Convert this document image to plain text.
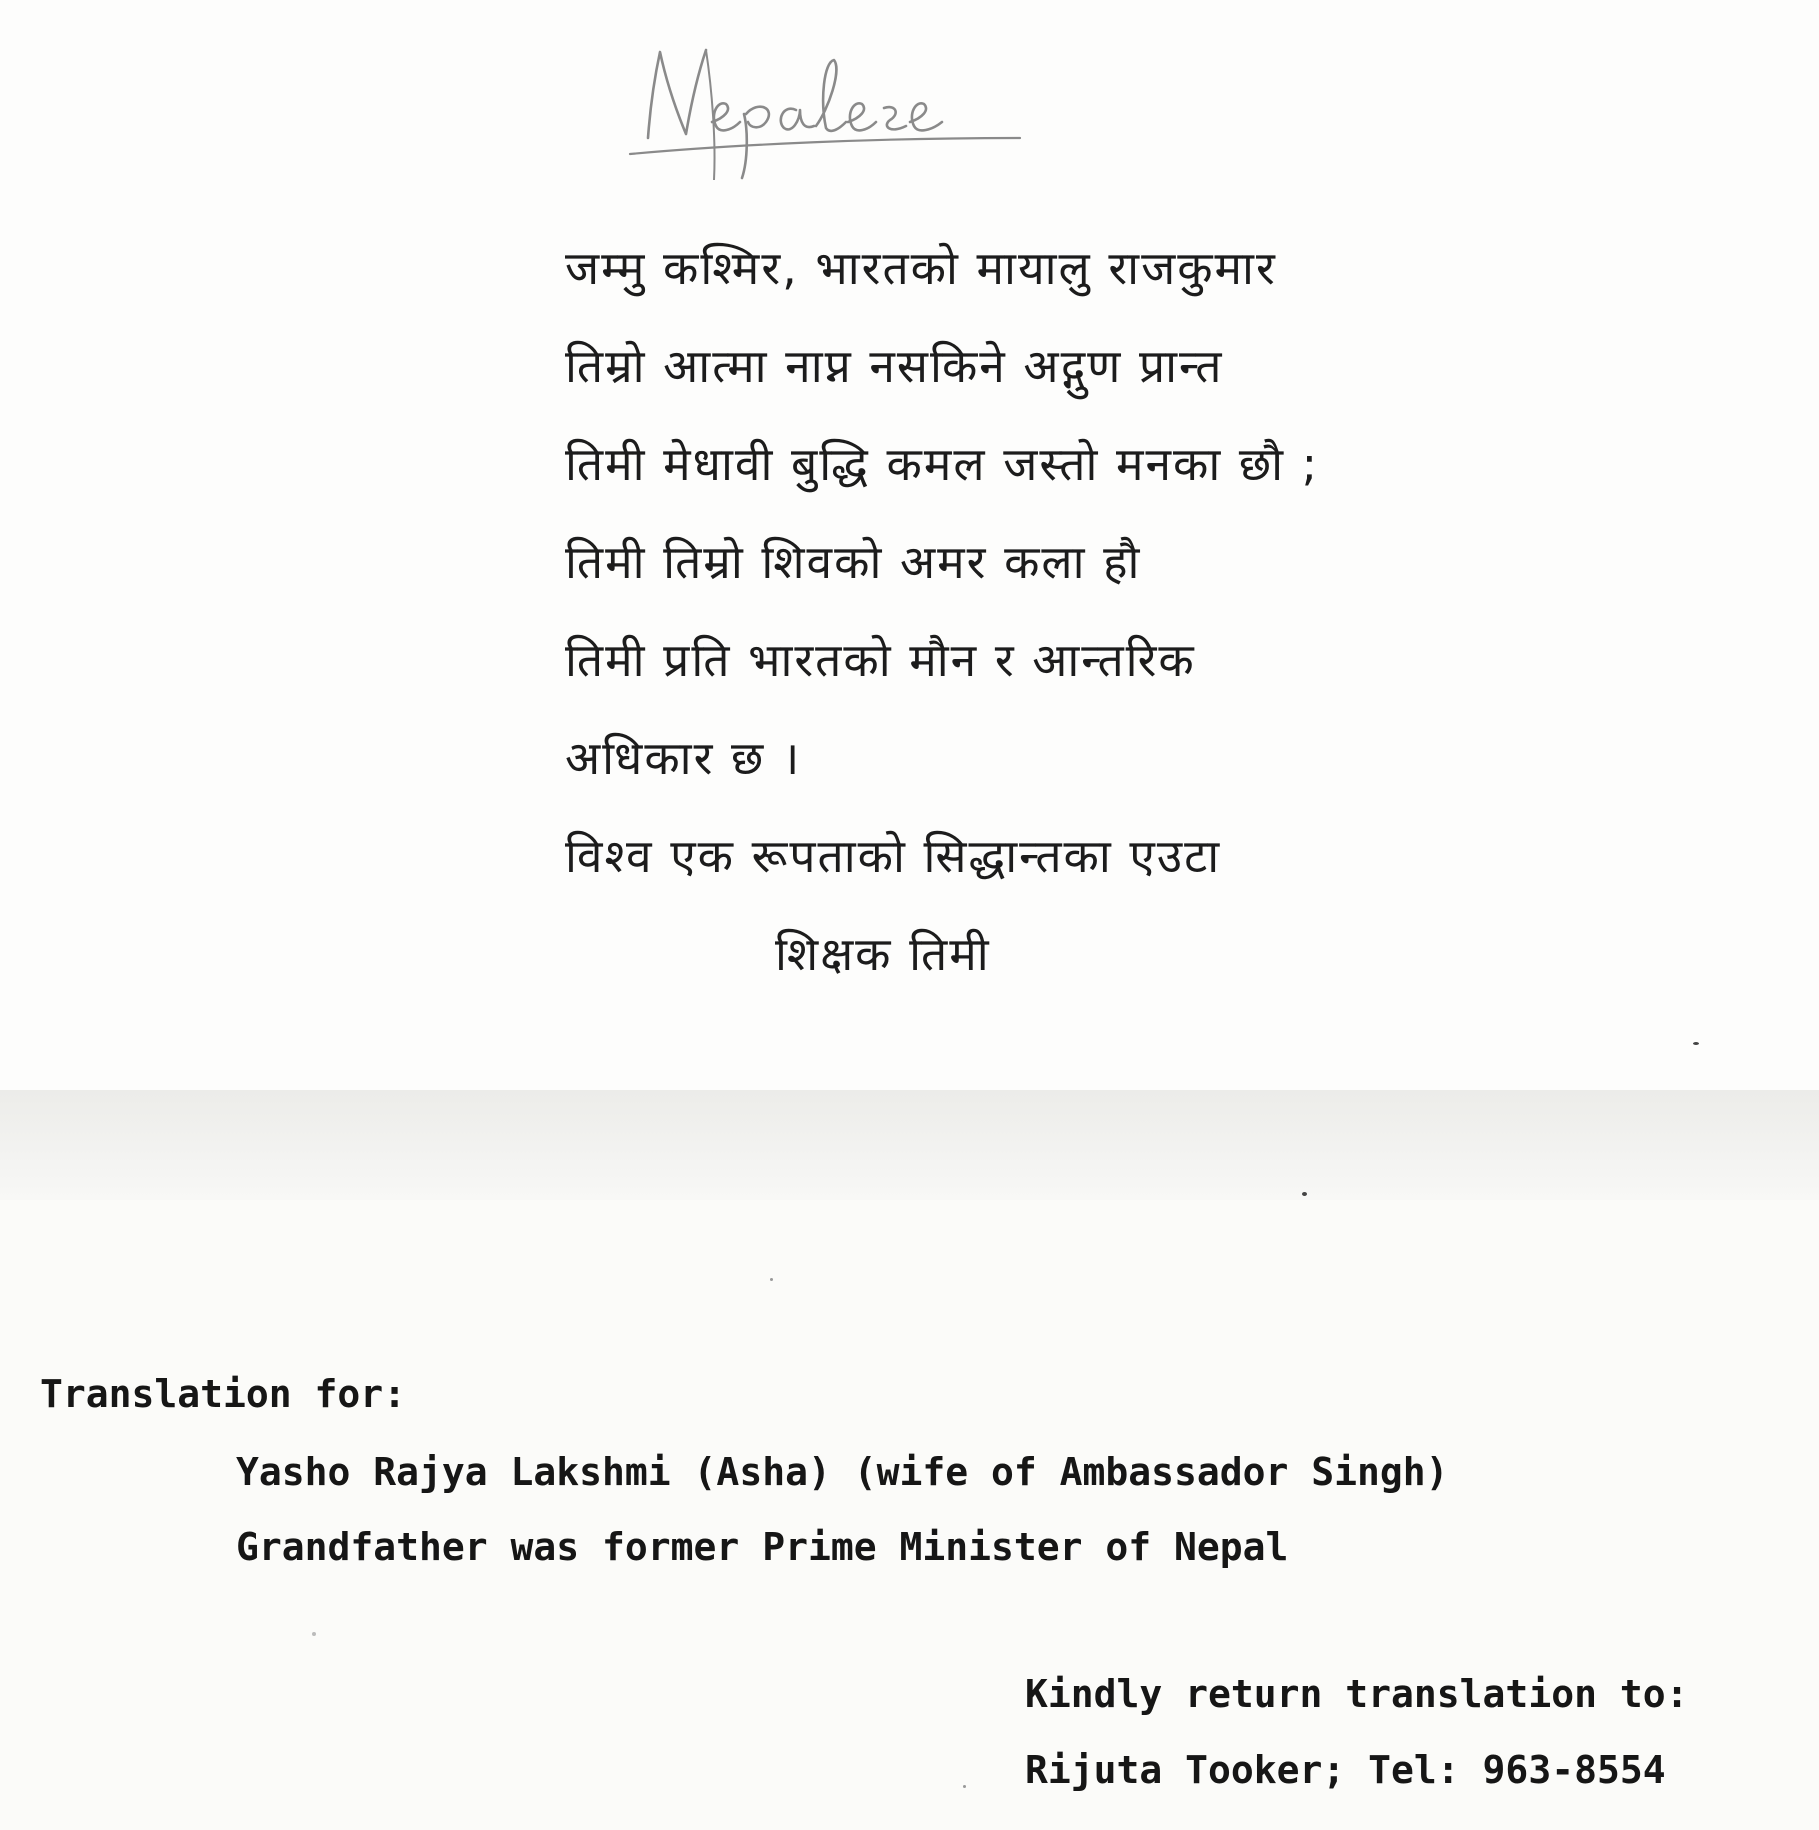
जम्मु कश्मिर, भारतको मायालु राजकुमार
तिम्रो आत्मा नाप्न नसकिने अद्गुण प्रान्त
तिमी मेधावी बुद्धि कमल जस्तो मनका छौ ;
तिमी तिम्रो शिवको अमर कला हौ
तिमी प्रति भारतको मौन र आन्तरिक
अधिकार छ ।
विश्व एक रूपताको सिद्धान्तका एउटा
शिक्षक तिमी
Translation for:
Yasho Rajya Lakshmi (Asha) (wife of Ambassador Singh)
Grandfather was former Prime Minister of Nepal
Kindly return translation to:
Rijuta Tooker; Tel: 963-8554
